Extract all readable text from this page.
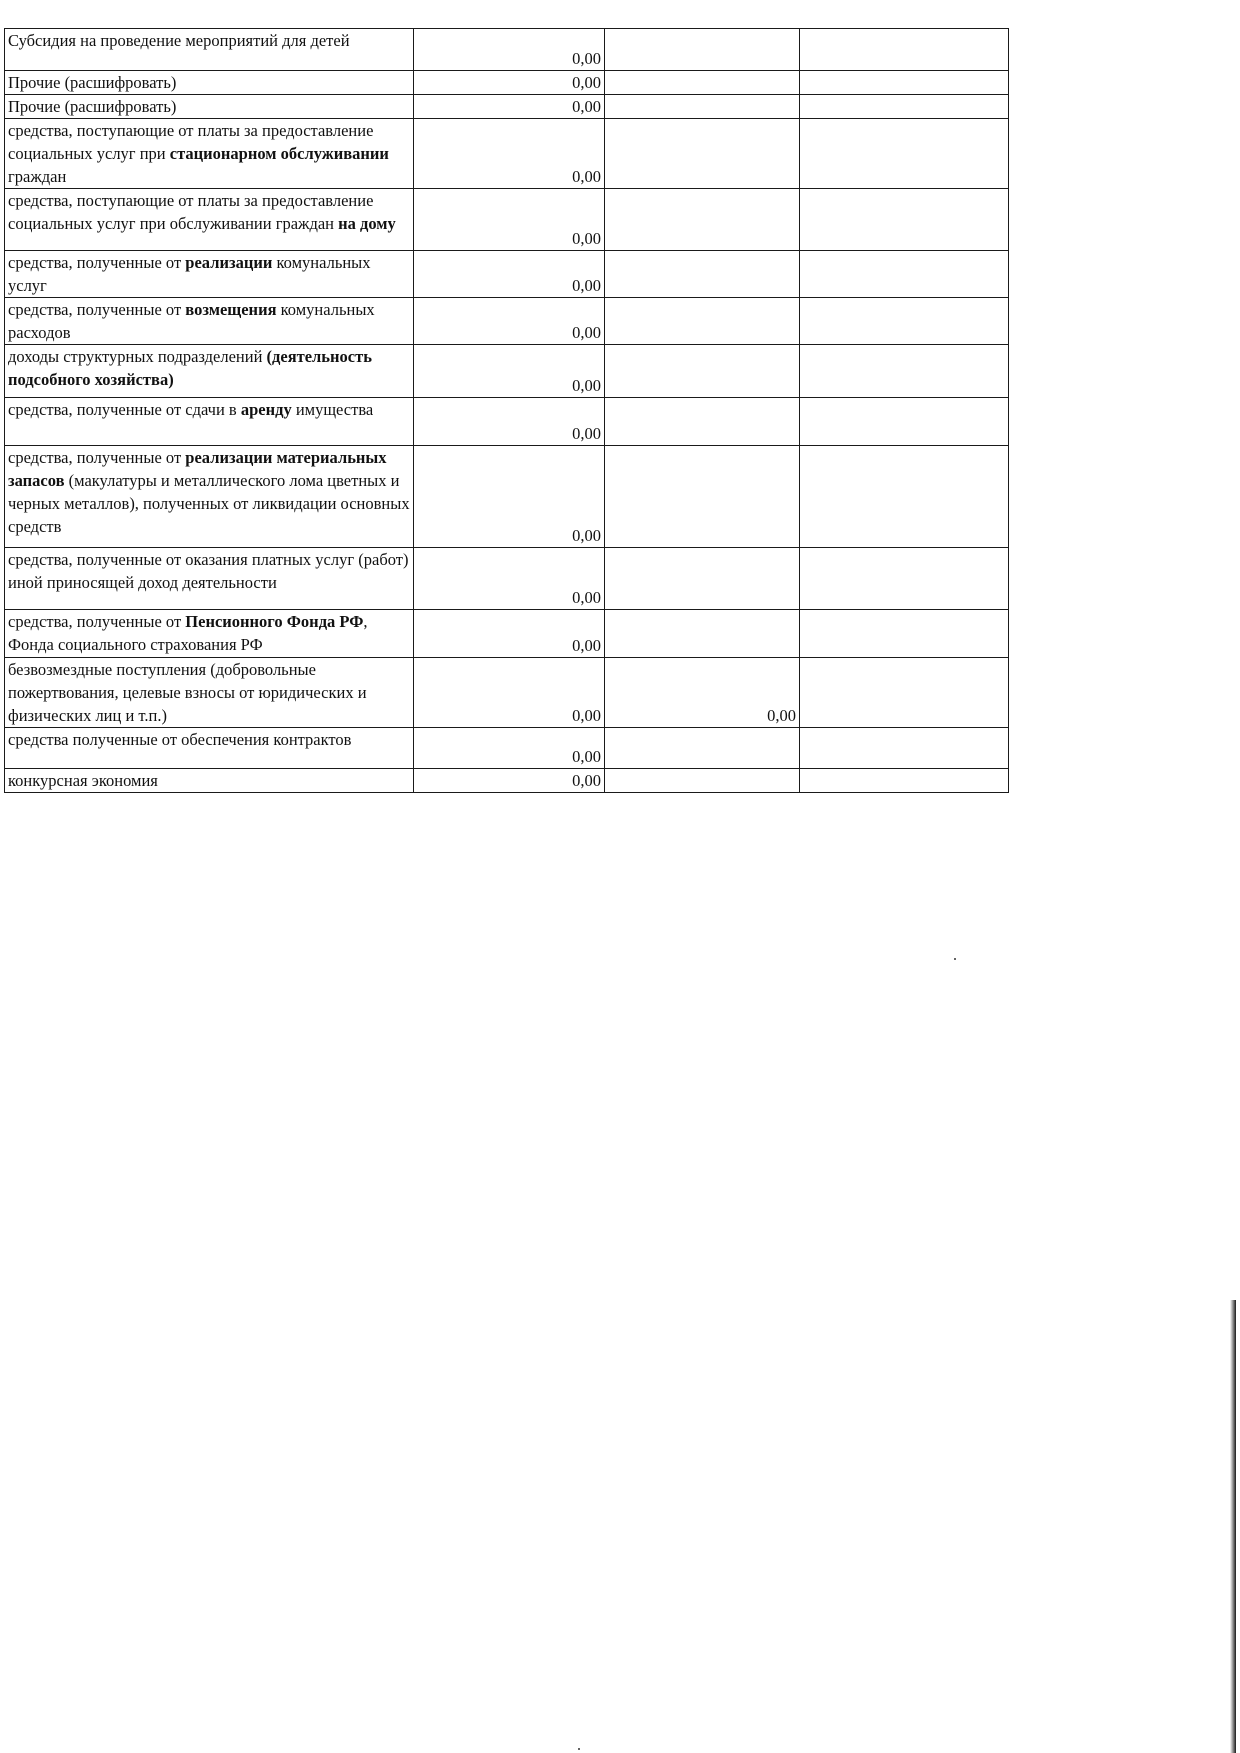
Субсидия на проведение мероприятий для детей	0,00		
Прочие (расшифровать)	0,00		
Прочие (расшифровать)	0,00		
средства, поступающие от платы за предоставление социальных услуг при стационарном обслуживании граждан	0,00		
средства, поступающие от платы за предоставление социальных услуг при обслуживании граждан на дому	0,00		
средства, полученные от реализации комунальных услуг	0,00		
средства, полученные от возмещения комунальных расходов	0,00		
доходы структурных подразделений (деятельность подсобного хозяйства)	0,00		
средства, полученные от сдачи в аренду имущества	0,00		
средства, полученные от реализации материальных запасов (макулатуры и металлического лома цветных и черных металлов), полученных от ликвидации основных средств	0,00		
средства, полученные от оказания платных услуг (работ) иной приносящей доход деятельности	0,00		
средства, полученные от Пенсионного Фонда РФ, Фонда социального страхования РФ	0,00		
безвозмездные поступления (добровольные пожертвования, целевые взносы от юридических и физических лиц и т.п.)	0,00	0,00	
средства полученные от обеспечения контрактов	0,00		
конкурсная экономия	0,00		
